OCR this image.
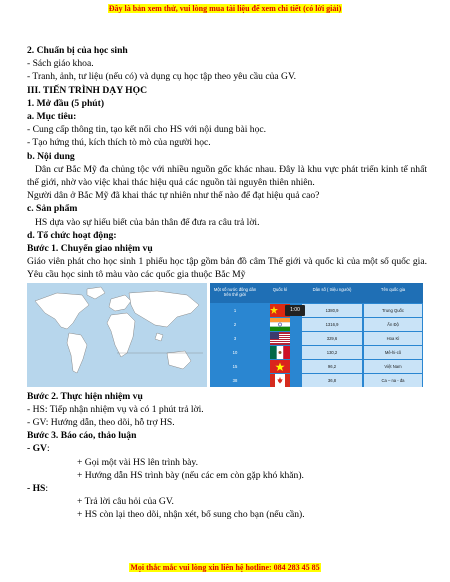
Đây là bản xem thử, vui lòng mua tài liệu để xem chi tiết (có lời giải)
2. Chuẩn bị của học sinh
- Sách giáo khoa.
- Tranh, ảnh, tư liệu (nếu có) và dụng cụ học tập theo yêu cầu của GV.
III. TIẾN TRÌNH DẠY HỌC
1. Mở đầu (5 phút)
a. Mục tiêu:
- Cung cấp thông tin, tạo kết nối cho HS với nội dung bài học.
- Tạo hứng thú, kích thích tò mò của người học.
b. Nội dung
Dân cư Bắc Mỹ đa chủng tộc với nhiều nguồn gốc khác nhau. Đây là khu vực phát triển kinh tế nhất thế giới, nhờ vào việc khai thác hiệu quả các nguồn tài nguyên thiên nhiên.
Người dân ở Bắc Mỹ đã khai thác tự nhiên như thế nào để đạt hiệu quả cao?
c. Sản phẩm
HS dựa vào sự hiểu biết của bản thân để đưa ra câu trả lời.
d. Tổ chức hoạt động:
Bước 1. Chuyển giao nhiệm vụ
Giáo viên phát cho học sinh 1 phiếu học tập gồm bản đồ câm Thế giới và quốc kì của một số quốc gia. Yêu cầu học sinh tô màu vào các quốc gia thuộc Bắc Mỹ
Một số nước đông dân trên thế giới
Quốc kì	Dân số ( triệu người)	Tên quốc gia
1	1380,9	Trung Quốc
2	1316,9	Ấn Độ
3	329,6	Hoa Kì
10	130,2	Mê-hi-cô
15	96,2	Việt Nam
38	36,8	Ca – na - đa
1:00
Bước 2. Thực hiện nhiệm vụ
- HS: Tiếp nhận nhiệm vụ và có 1 phút trả lời.
- GV: Hướng dẫn, theo dõi, hỗ trợ HS.
Bước 3. Báo cáo, thảo luận
- GV:
+ Gọi một vài HS lên trình bày.
+ Hướng dẫn HS trình bày (nếu các em còn gặp khó khăn).
- HS:
+ Trả lời câu hỏi của GV.
+ HS còn lại theo dõi, nhận xét, bổ sung cho bạn (nếu cần).
Mọi thắc mắc vui lòng xin liên hệ hotline: 084 283 45 85
